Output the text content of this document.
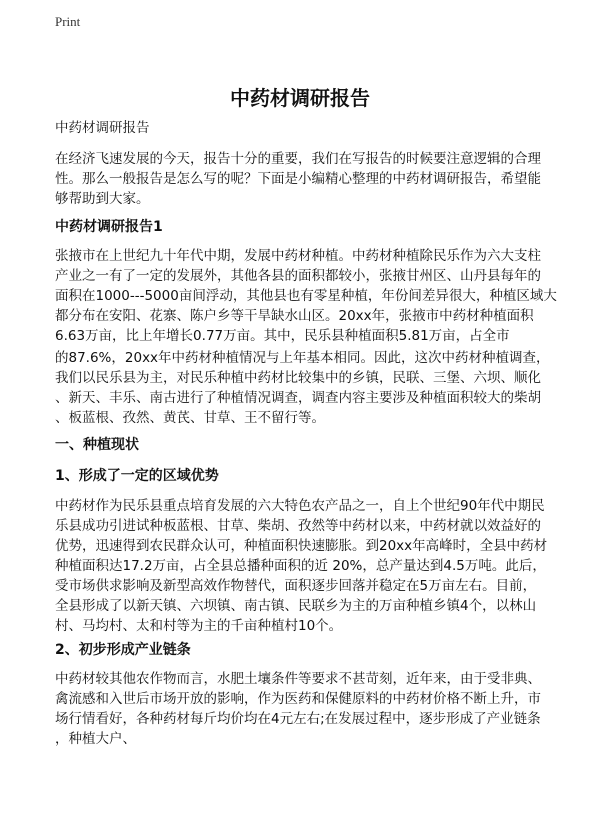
Print
中药材调研报告
中药材调研报告
在经济飞速发展的今天，报告十分的重要，我们在写报告的时候要注意逻辑的合理
性。那么一般报告是怎么写的呢？下面是小编精心整理的中药材调研报告，希望能
够帮助到大家。
中药材调研报告1
张掖市在上世纪九十年代中期，发展中药材种植。中药材种植除民乐作为六大支柱
产业之一有了一定的发展外，其他各县的面积都较小，张掖甘州区、山丹县每年的
面积在1000---5000亩间浮动，其他县也有零星种植，年份间差异很大，种植区域大
都分布在安阳、花寨、陈户乡等干旱缺水山区。20xx年，张掖市中药材种植面积
6.63万亩，比上年增长0.77万亩。其中，民乐县种植面积5.81万亩，占全市
的87.6%，20xx年中药材种植情况与上年基本相同。因此，这次中药材种植调查，
我们以民乐县为主，对民乐种植中药材比较集中的乡镇，民联、三堡、六坝、顺化
、新天、丰乐、南古进行了种植情况调查，调查内容主要涉及种植面积较大的柴胡
、板蓝根、孜然、黄芪、甘草、王不留行等。
一、种植现状
1、形成了一定的区域优势
中药材作为民乐县重点培育发展的六大特色农产品之一，自上个世纪90年代中期民
乐县成功引进试种板蓝根、甘草、柴胡、孜然等中药材以来，中药材就以效益好的
优势，迅速得到农民群众认可，种植面积快速膨胀。到20xx年高峰时，全县中药材
种植面积达17.2万亩，占全县总播种面积的近 20%，总产量达到4.5万吨。此后，
受市场供求影响及新型高效作物替代，面积逐步回落并稳定在5万亩左右。目前，
全县形成了以新天镇、六坝镇、南古镇、民联乡为主的万亩种植乡镇4个，以林山
村、马均村、太和村等为主的千亩种植村10个。
2、初步形成产业链条
中药材较其他农作物而言，水肥土壤条件等要求不甚苛刻，近年来，由于受非典、
禽流感和入世后市场开放的影响，作为医药和保健原料的中药材价格不断上升，市
场行情看好，各种药材每斤均价均在4元左右;在发展过程中，逐步形成了产业链条
，种植大户、
